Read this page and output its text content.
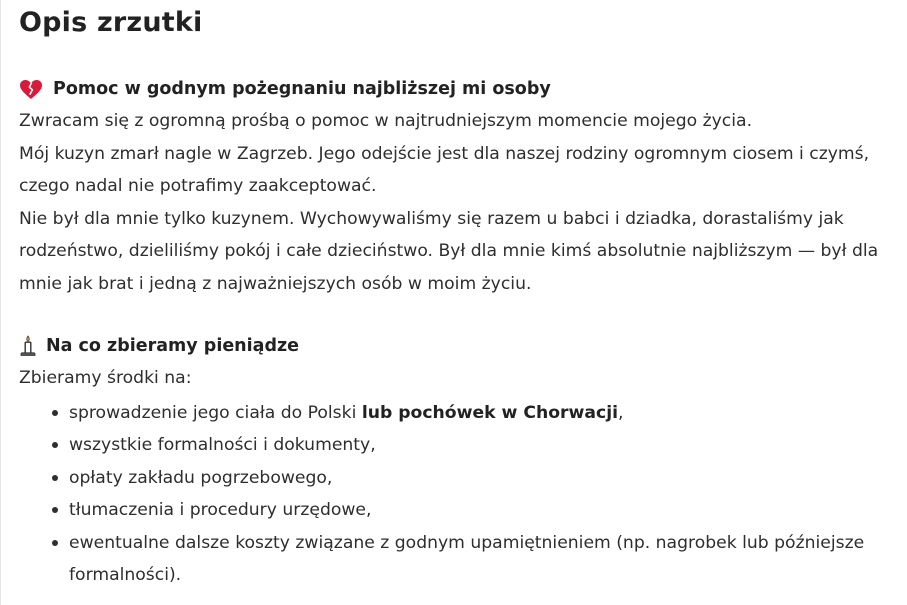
Opis zrzutki
Pomoc w godnym pożegnaniu najbliższej mi osoby

Zwracam się z ogromną prośbą o pomoc w najtrudniejszym momencie mojego życia.

Mój kuzyn zmarł nagle w Zagrzeb. Jego odejście jest dla naszej rodziny ogromnym ciosem i czymś, czego nadal nie potrafimy zaakceptować.

Nie był dla mnie tylko kuzynem. Wychowywaliśmy się razem u babci i dziadka, dorastaliśmy jak rodzeństwo, dzieliliśmy pokój i całe dzieciństwo. Był dla mnie kimś absolutnie najbliższym — był dla mnie jak brat i jedną z najważniejszych osób w moim życiu.

Na co zbieramy pieniądze

Zbieramy środki na:

sprowadzenie jego ciała do Polski lub pochówek w Chorwacji,
wszystkie formalności i dokumenty,
opłaty zakładu pogrzebowego,
tłumaczenia i procedury urzędowe,
ewentualne dalsze koszty związane z godnym upamiętnieniem (np. nagrobek lub późniejsze formalności).
